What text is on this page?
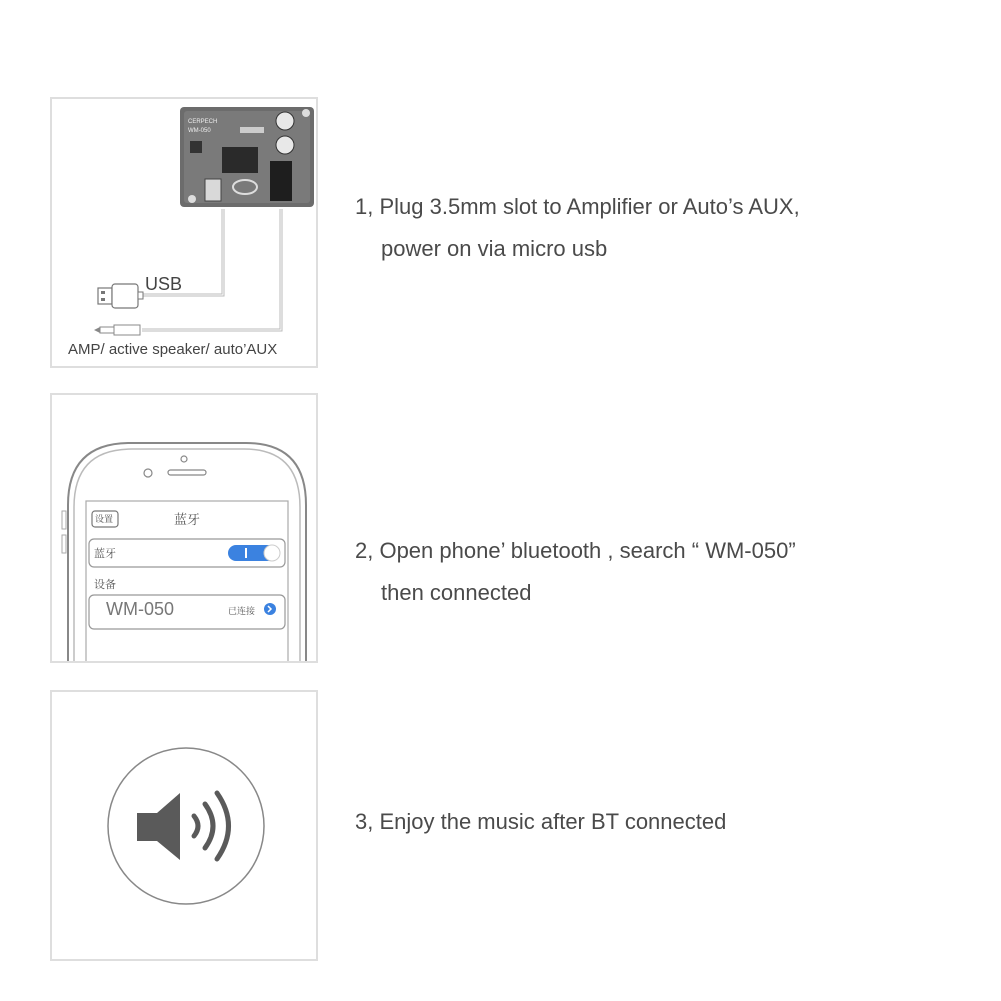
CERPECH
WM-050
USB
AMP/ active speaker/ auto’AUX
1, Plug 3.5mm slot to Amplifier or Auto’s AUX,
power on via micro usb
设置	蓝牙
蓝牙
设备
WM-050	已连接
2, Open phone’ bluetooth , search “ WM-050”
then connected
3, Enjoy the music after BT connected
